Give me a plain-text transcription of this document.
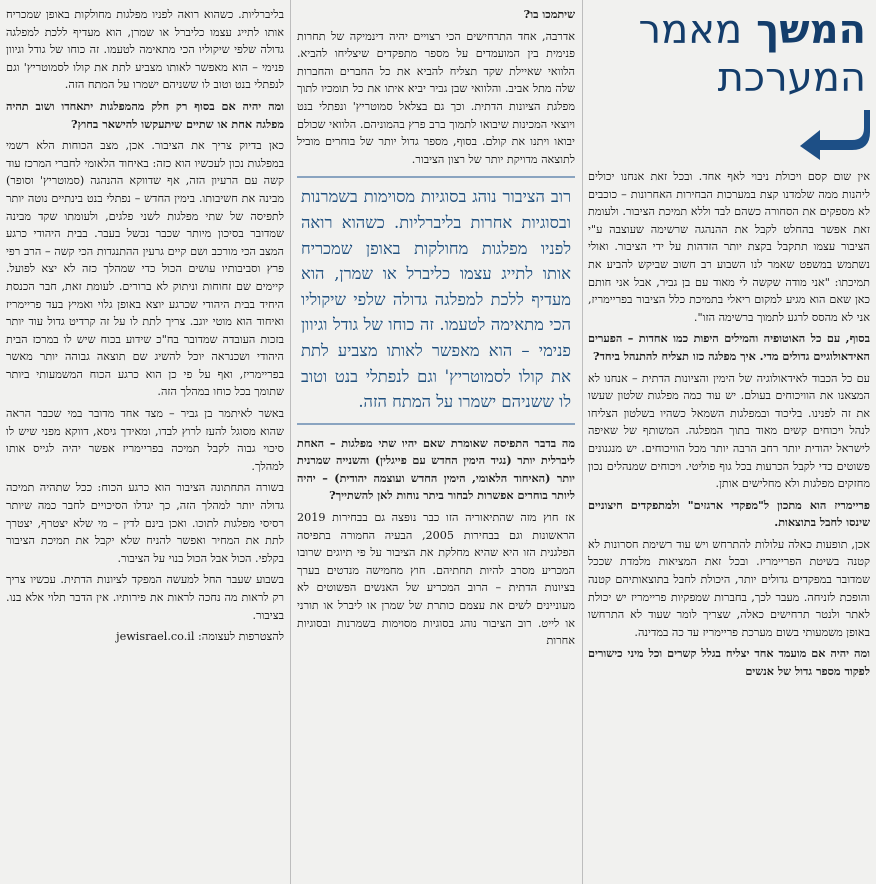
המשך מאמר
המערכת

אין שום קסם ויכולת ניבוי לאף אחד. ובכל זאת אנחנו יכולים ליהנות ממה שלמדנו קצת במערכות הבחירות האחרונות – כוכבים לא מספקים את הסחורה כשהם לבד וללא תמיכת הציבור. ולעומת זאת אפשר בהחלט לקבל את ההנהגה שרשימה שעוצבה ע"י הציבור עצמו תתקבל בקצת יותר הזדהות על ידי הציבור. ואולי נשתמש במשפט שאמר לנו השבוע רב חשוב שביקש להביע את תמיכתו: "אני מודה שקשה לי מאוד עם בן גביר, אבל אני חותם כאן שאם הוא מגיע למקום ריאלי בתמיכת כלל הציבור בפריימריז, אני לא מהסס לרגע לתמוך ברשימה הזו".

בסוף, עם כל האוטופיה והמילים היפות כמו אחדות – הפערים האידאולוגיים גדולים מדי. איך מפלגה כזו תצליח להתנהל ביחד?

עם כל הכבוד לאידאולוגיה של הימין והציונות הדתית – אנחנו לא המצאנו את הוויכוחים בעולם. יש עוד כמה מפלגות שלטון שעשו את זה לפנינו. בליכוד ובמפלגות השמאל כשהיו בשלטון הצליחו לנהל ויכוחים קשים מאוד בתוך המפלגה. המשותף של שאיפה לישראל יהודית יותר רחב הרבה יותר מכל הוויכוחים. יש מנגנונים פשוטים כדי לקבל הכרעות בכל גוף פוליטי. ויכוחים שמנהלים נכון מחזקים מפלגות ולא מחלישים אותן.

פריימריז הוא מתכון ל"מפקדי ארגזים" ולמתפקדים חיצוניים שינסו לחבל בתוצאות.

אכן, תופעות כאלה עלולות להתרחש ויש עוד רשימת חסרונות לא קטנה בשיטת הפריימריז. ובכל זאת המציאות מלמדת שככל שמדובר במפקדים גדולים יותר, היכולת לחבל בתוצאותיהם קטנה והופכת לזניחה. מעבר לכך, בחברות שמפקיות פריימריז יש יכולת לאתר ולנטר תרחישים כאלה, שצריך לומר שעוד לא התרחשו באופן משמעותי בשום מערכת פריימריז עד כה במדינה.

ומה יהיה אם מועמד אחד יצליח בגלל קשרים וכל מיני כישורים לפקוד מספר גדול של אנשים

שיתמכו בו?

אדרבה, אחד התרחישים הכי רצויים יהיה דינמיקה של תחרות פנימית בין המועמדים על מספר מתפקדים שיצליחו להביא. הלוואי שאיילת שקד תצליח להביא את כל החברים והחברות שלה מתל אביב. והלוואי שבן גביר יביא איתו את כל תומכיו לתוך מפלגת הציונות הדתית. וכך גם בצלאל סמוטריץ' ונפתלי בנט ויוצאי המכינות שיבואו לתמוך ברב פרץ בהמוניהם. הלוואי שכולם יבואו ויתנו את קולם. בסוף, מספר גדול יותר של בוחרים מוביל לתוצאה מדויקת יותר של רצון הציבור.

רוב הציבור נוהג בסוגיות מסוימות בשמרנות ובסוגיות אחרות בליברליות. כשהוא רואה לפניו מפלגות מחולקות באופן שמכריח אותו לתייג עצמו כליברל או שמרן, הוא מעדיף ללכת למפלגה גדולה שלפי שיקוליו הכי מתאימה לטעמו. זה כוחו של גודל וגיוון פנימי – הוא מאפשר לאותו מצביע לתת את קולו לסמוטריץ' וגם לנפתלי בנט וטוב לו ששניהם ישמרו על המתח הזה.

מה בדבר התפיסה שאומרת שאם יהיו שתי מפלגות – האחת ליברלית יותר (נגיד הימין החדש עם פייגלין) והשנייה שמרנית יותר (האיחוד הלאומי, הימין החדש ועוצמה יהודית) – יהיה ליותר בוחרים אפשרות לבחור ביתר נוחות לאן להשתייך?

אז חוץ מזה שהתיאוריה הזו כבר נופצה גם בבחירות 2019 הראשונות וגם בבחירות 2005, הבעיה החמורה בתפיסה הפלגנית הזו היא שהיא מחלקת את הציבור על פי תיוגים שרובו המכריע מסרב להיות תחתיהם. חוץ מחמישה מנדטים בערך בציונות הדתית – הרוב המכריע של האנשים הפשוטים לא מעוניינים לשים את עצמם כותרת של שמרן או ליברל או תורני או לייט. רוב הציבור נוהג בסוגיות מסוימות בשמרנות ובסוגיות אחרות

בליברליות. כשהוא רואה לפניו מפלגות מחולקות באופן שמכריח אותו לתייג עצמו כליברל או שמרן, הוא מעדיף ללכת למפלגה גדולה שלפי שיקוליו הכי מתאימה לטעמו. זה כוחו של גודל וגיוון פנימי – הוא מאפשר לאותו מצביע לתת את קולו לסמוטריץ' וגם לנפתלי בנט וטוב לו ששניהם ישמרו על המתח הזה.

ומה יהיה אם בסוף רק חלק מהמפלגות יתאחדו ושוב תהיה מפלגה אחת או שתיים שיתעקשו להישאר בחוץ?

כאן בדיוק צריך את הציבור. אכן, מצב הכוחות הלא רשמי במפלגות נכון לעכשיו הוא כזה: באיחוד הלאומי לחברי המרכז עוד קשה עם הרעיון הזה, אף שדווקא ההנהגה (סמוטריץ' וסופר) מבינה את חשיבותו. בימין החדש – נפתלי בנט בינתיים נוטה יותר לתפיסה של שתי מפלגות לשני פלגים, ולעומתו שקד מבינה שמדובר בסיכון מיותר שכבר נכשל בעבר. בבית היהודי כרגע המצב הכי מורכב ושם קיים גרעין ההתנגדות הכי קשה – הרב רפי פרץ וסביבותיו עושים הכול כדי שמהלך כזה לא יצא לפועל. קיימים שם זחוחות וניתוק לא ברורים. לעומת זאת, חבר הכנסת היחיד בבית היהודי שכרגע יוצא באופן גלוי ואמיץ בעד פריימריז ואיחוד הוא מוטי יוגב. צריך לתת לו על זה קרדיט גדול עוד יותר בזכות העובדה שמדובר בח"כ שידוע בכוח שיש לו במרכז הבית היהודי ושכנראה יוכל להשיג שם תוצאה גבוהה יותר מאשר בפריימריז, ואף על פי כן הוא כרגע הכוח המשמעותי ביותר שתומך בכל כוחו במהלך הזה.

באשר לאיתמר בן גביר – מצד אחד מדובר במי שכבר הראה שהוא מסוגל להעז לרוץ לבדו, ומאידך גיסא, דווקא מפני שיש לו סיכוי גבוה לקבל תמיכה בפריימריז אפשר יהיה לגייס אותו למהלך.

בשורה התחתונה הציבור הוא כרגע הכוח: ככל שתהיה תמיכה גדולה יותר למהלך הזה, כך יגדלו הסיכויים לחבר כמה שיותר רסיסי מפלגות לתוכו. ואכן בינם לדין – מי שלא יצטרף, יצטרך לתת את המחיר ואפשר להניח שלא יקבל את תמיכת הציבור בקלפי. הכול אבל הכול בנוי על הציבור.

בשבוע שעבר החל למעשה המפקד לציונות הדתית. עכשיו צריך רק לראות מה נחכה לראות את פירותיו. אין הדבר תלוי אלא בנו. בציבור.

להצטרפות לעצומה: jewisrael.co.il
